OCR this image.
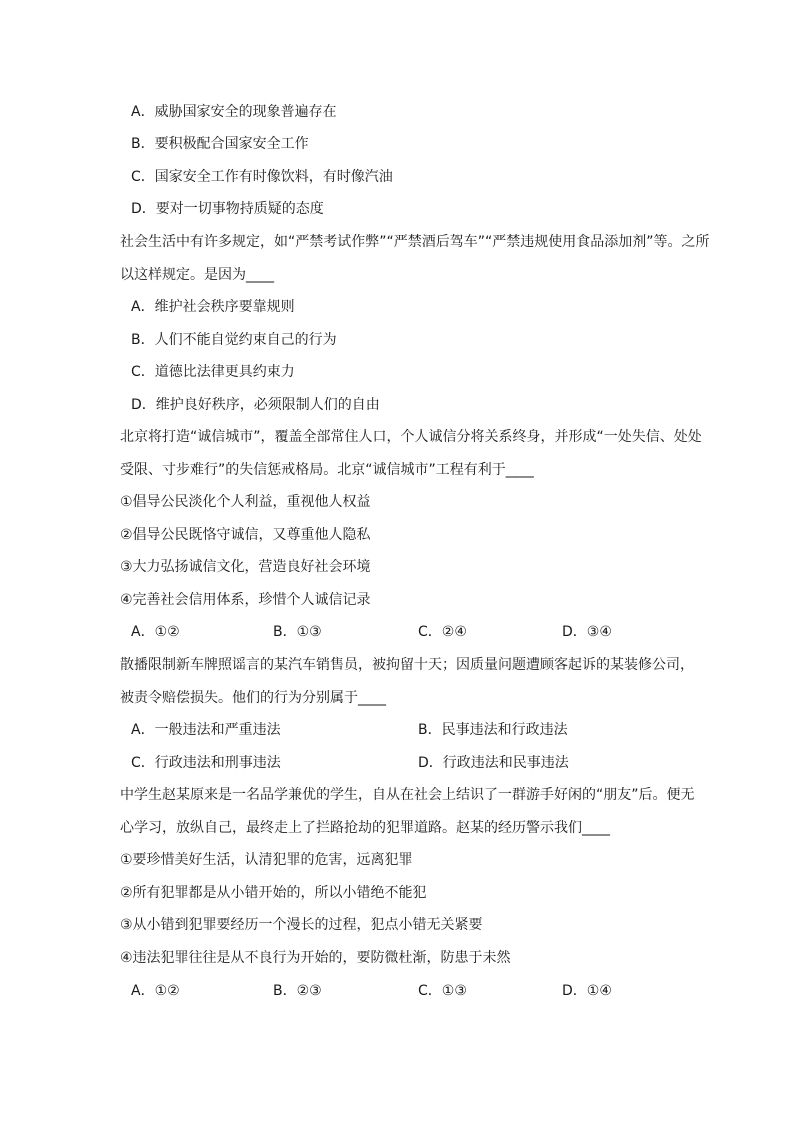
A．威胁国家安全的现象普遍存在
B．要积极配合国家安全工作
C．国家安全工作有时像饮料，有时像汽油
D．要对一切事物持质疑的态度
社会生活中有许多规定，如“严禁考试作弊”“严禁酒后驾车”“严禁违规使用食品添加剂”等。之所
以这样规定。是因为____
A．维护社会秩序要靠规则
B．人们不能自觉约束自己的行为
C．道德比法律更具约束力
D．维护良好秩序，必须限制人们的自由
北京将打造“诚信城市”，覆盖全部常住人口，个人诚信分将关系终身，并形成“一处失信、处处
受限、寸步难行”的失信惩戒格局。北京“诚信城市”工程有利于____
①倡导公民淡化个人利益，重视他人权益
②倡导公民既恪守诚信，又尊重他人隐私
③大力弘扬诚信文化，营造良好社会环境
④完善社会信用体系，珍惜个人诚信记录
A．①②	B．①③	C．②④	D．③④
散播限制新车牌照谣言的某汽车销售员，被拘留十天；因质量问题遭顾客起诉的某装修公司，
被责令赔偿损失。他们的行为分别属于____
A．一般违法和严重违法	B．民事违法和行政违法
C．行政违法和刑事违法	D．行政违法和民事违法
中学生赵某原来是一名品学兼优的学生，自从在社会上结识了一群游手好闲的“朋友”后。便无
心学习，放纵自己，最终走上了拦路抢劫的犯罪道路。赵某的经历警示我们____
①要珍惜美好生活，认清犯罪的危害，远离犯罪
②所有犯罪都是从小错开始的，所以小错绝不能犯
③从小错到犯罪要经历一个漫长的过程，犯点小错无关紧要
④违法犯罪往往是从不良行为开始的，要防微杜渐，防患于未然
A．①②	B．②③	C．①③	D．①④
